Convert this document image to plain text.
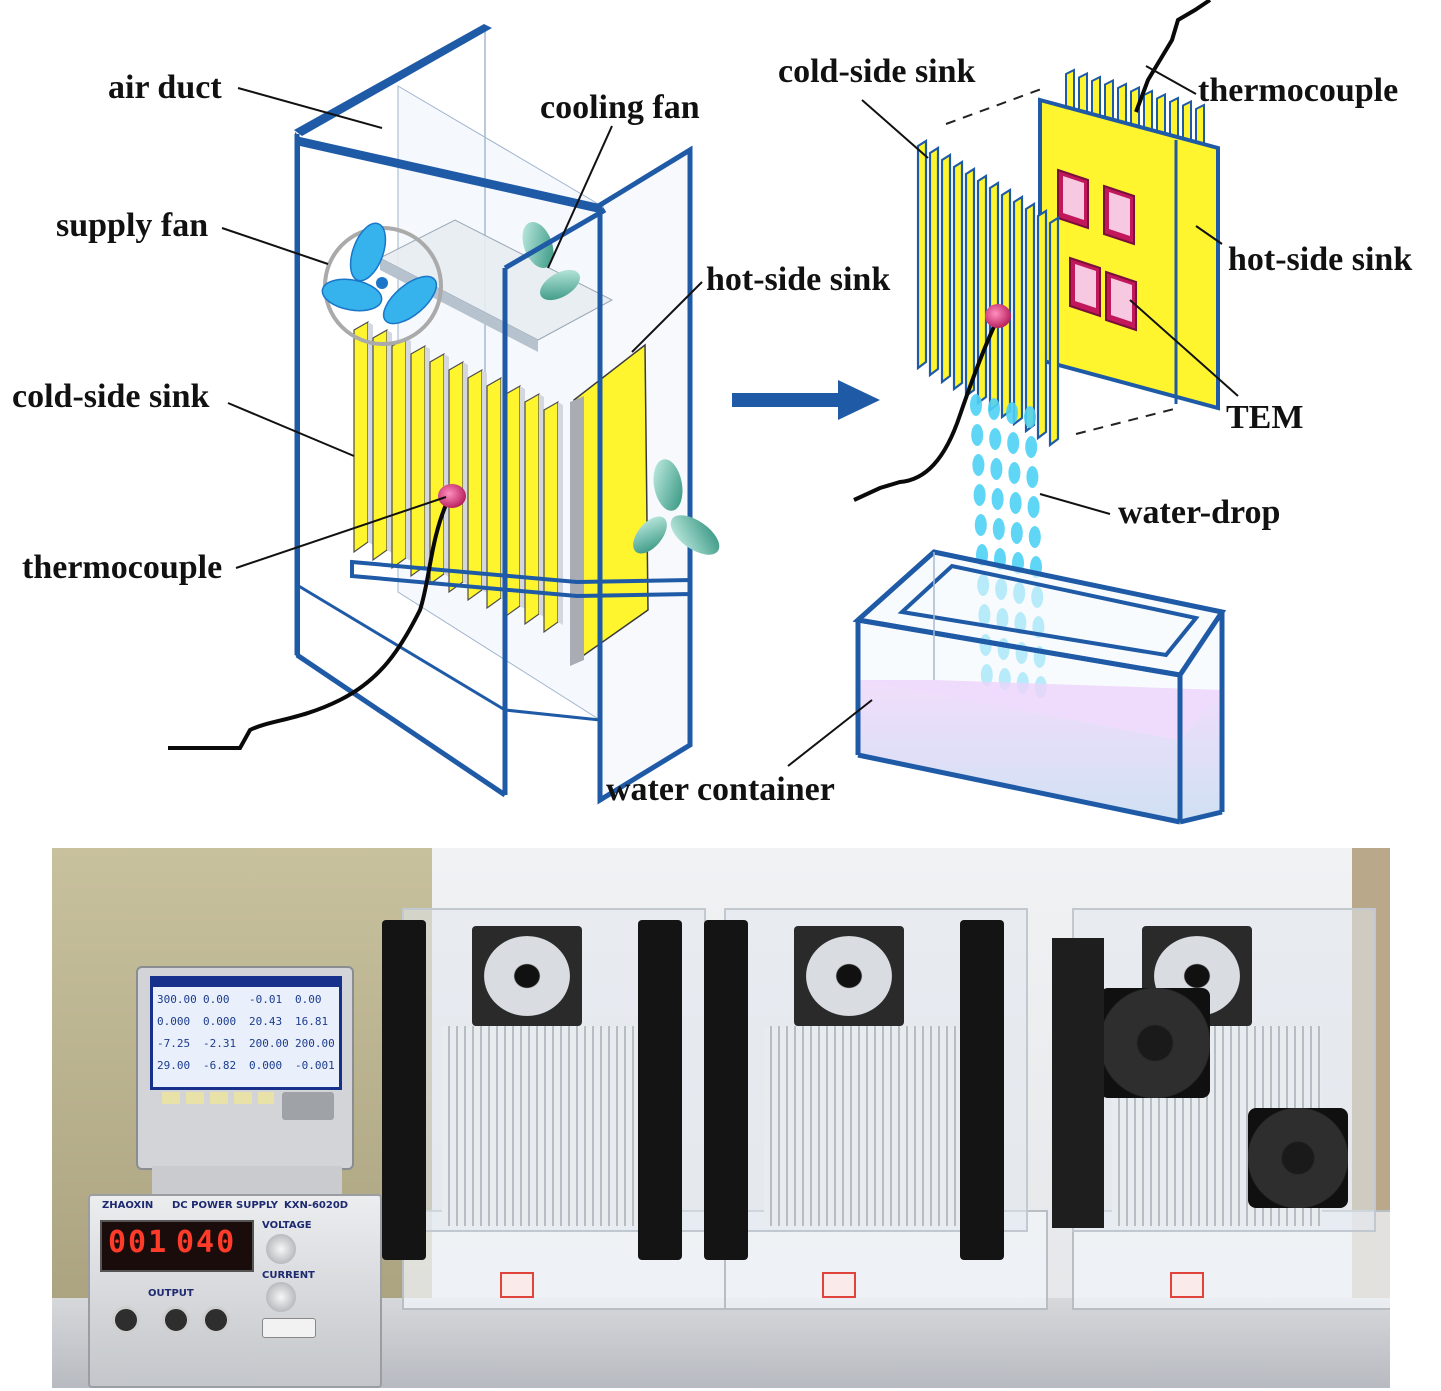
air duct
cooling fan
supply fan
hot-side sink
cold-side sink
thermocouple
cold-side sink
thermocouple
hot-side sink
TEM
water-drop
water container
300.00 0.00 -0.01 0.00
0.000 0.000 20.43 16.81
-7.25 -2.31 200.00 200.00
29.00 -6.82 0.000 -0.001
ZHAOXIN DC POWER SUPPLY KXN-6020D
001 040	VOLTAGE
CURRENT
OUTPUT
